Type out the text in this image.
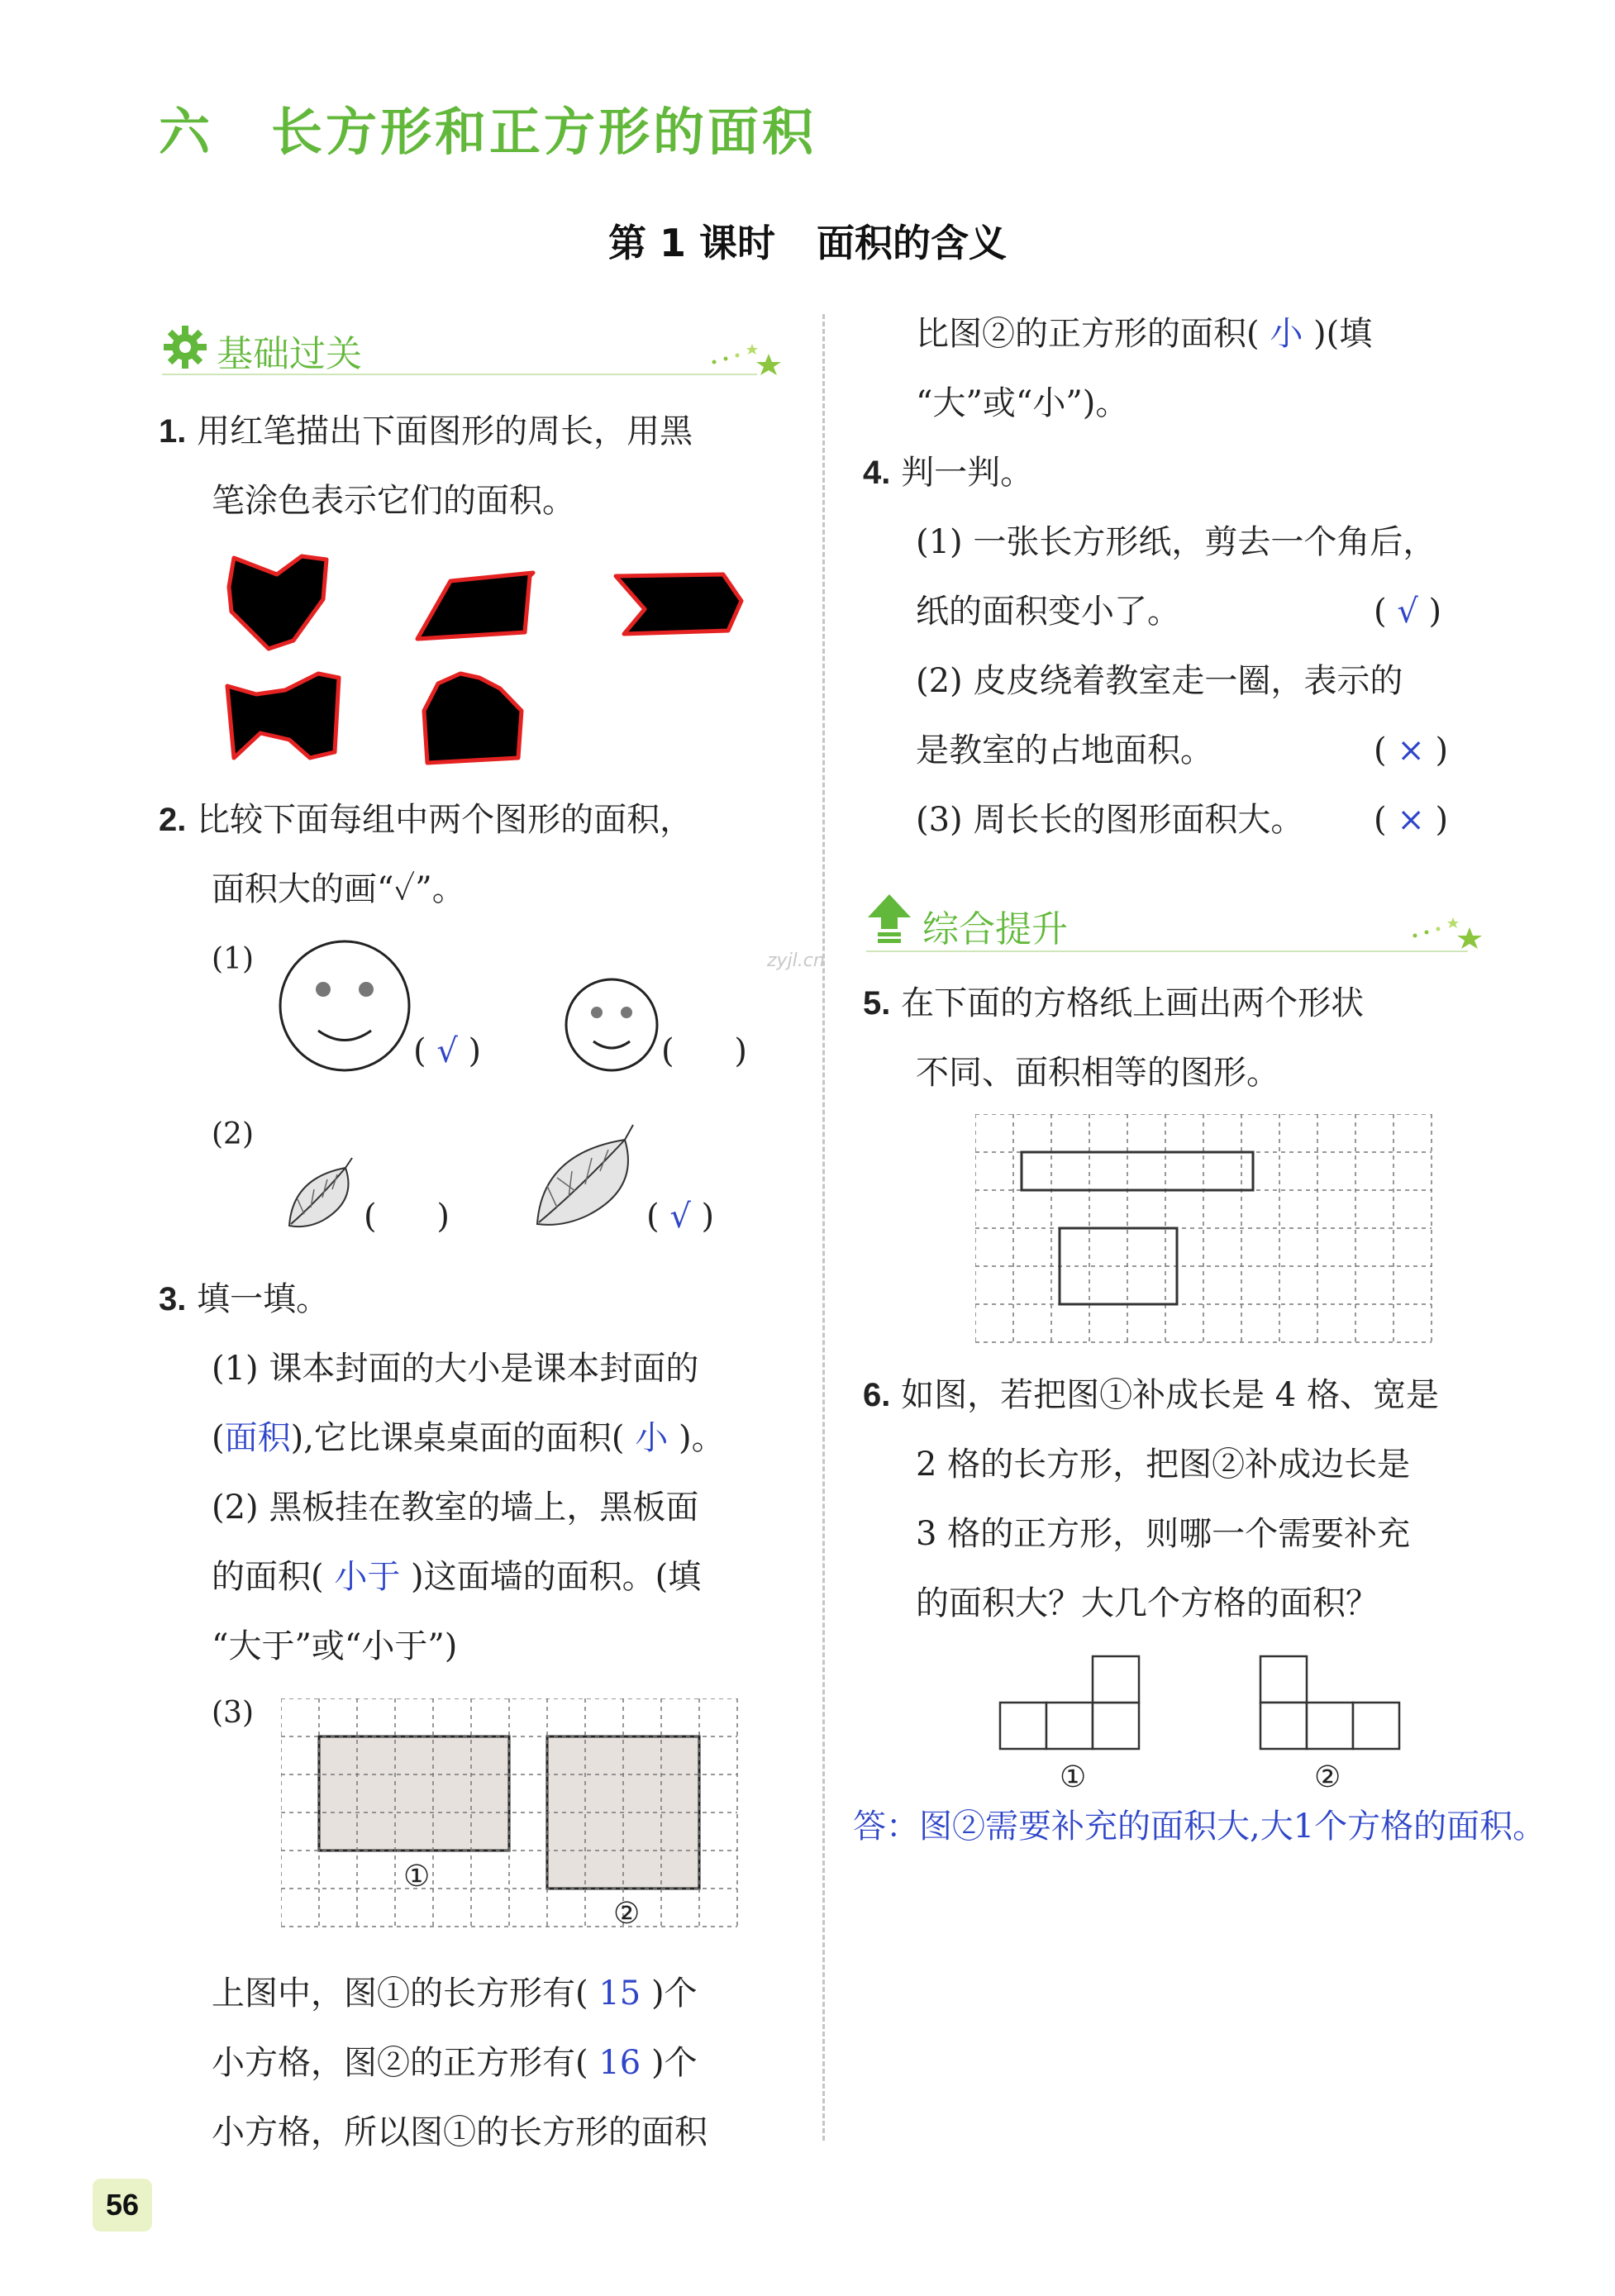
六 长方形和正方形的面积
第 1 课时 面积的含义
zyjl.cn
基础过关
1. 用红笔描出下面图形的周长，用黑
笔涂色表示它们的面积。
2. 比较下面每组中两个图形的面积，
面积大的画“✓”。
(1)
( √ )	( )
(2)
( )	( √ )
3. 填一填。
(1) 课本封面的大小是课本封面的
(面积),它比课桌桌面的面积( 小 )。
(2) 黑板挂在教室的墙上，黑板面
的面积( 小于 )这面墙的面积。(填
“大于”或“小于”)
(3)
①
②
上图中，图①的长方形有( 15 )个
小方格，图②的正方形有( 16 )个
小方格，所以图①的长方形的面积
比图②的正方形的面积( 小 )(填
“大”或“小”)。
4. 判一判。
(1) 一张长方形纸，剪去一个角后，
纸的面积变小了。	( √ )
(2) 皮皮绕着教室走一圈，表示的
是教室的占地面积。	( × )
(3) 周长长的图形面积大。 ( × )
综合提升
5. 在下面的方格纸上画出两个形状
不同、面积相等的图形。
6. 如图，若把图①补成长是 4 格、宽是
2 格的长方形，把图②补成边长是
3 格的正方形，则哪一个需要补充
的面积大？大几个方格的面积？
①	②
答：图②需要补充的面积大,大1个方格的面积。
56
